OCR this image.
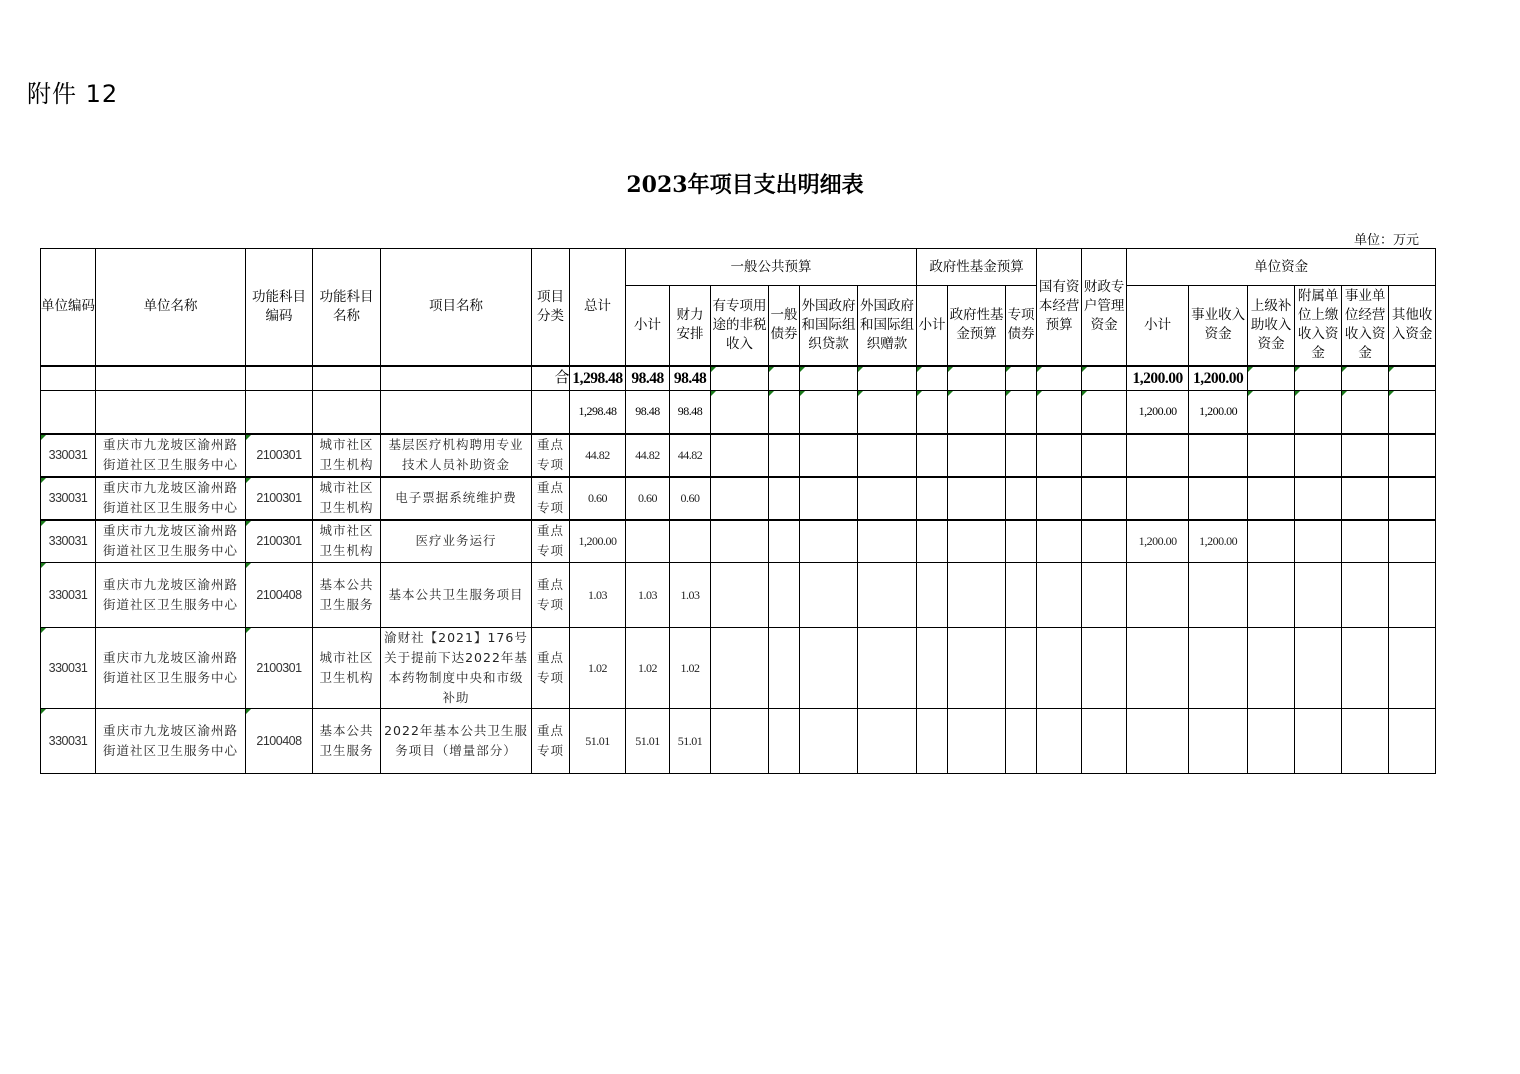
附件 12
2023年项目支出明细表
单位：万元
单位编码	单位名称	功能科目编码	功能科目名称	项目名称	项目分类	总计	一般公共预算						政府性基金预算			国有资本经营预算	财政专户管理资金	单位资金					
							小计	财力安排	有专项用途的非税收入	一般债券	外国政府和国际组织贷款	外国政府和国际组织赠款	小计	政府性基金预算	专项债券			小计	事业收入资金	上级补助收入资金	附属单位上缴收入资金	事业单位经营收入资金	其他收入资金
					合	1,298.48	98.48	98.48										1,200.00	1,200.00	

						1,298.48	98.48	98.48										1,200.00	1,200.00	

330031	重庆市九龙坡区渝州路街道社区卫生服务中心	2100301	城市社区卫生机构	基层医疗机构聘用专业技术人员补助资金	重点专项	44.82	44.82	44.82															

330031	重庆市九龙坡区渝州路街道社区卫生服务中心	2100301	城市社区卫生机构	电子票据系统维护费	重点专项	0.60	0.60	0.60															

330031	重庆市九龙坡区渝州路街道社区卫生服务中心	2100301	城市社区卫生机构	医疗业务运行	重点专项	1,200.00												1,200.00	1,200.00				

330031	重庆市九龙坡区渝州路街道社区卫生服务中心	2100408	基本公共卫生服务	基本公共卫生服务项目	重点专项	1.03	1.03	1.03															

330031	重庆市九龙坡区渝州路街道社区卫生服务中心	2100301	城市社区卫生机构	渝财社【2021】176号关于提前下达2022年基本药物制度中央和市级补助	重点专项	1.02	1.02	1.02															

330031	重庆市九龙坡区渝州路街道社区卫生服务中心	2100408	基本公共卫生服务	2022年基本公共卫生服务项目（增量部分）	重点专项	51.01	51.01	51.01															
